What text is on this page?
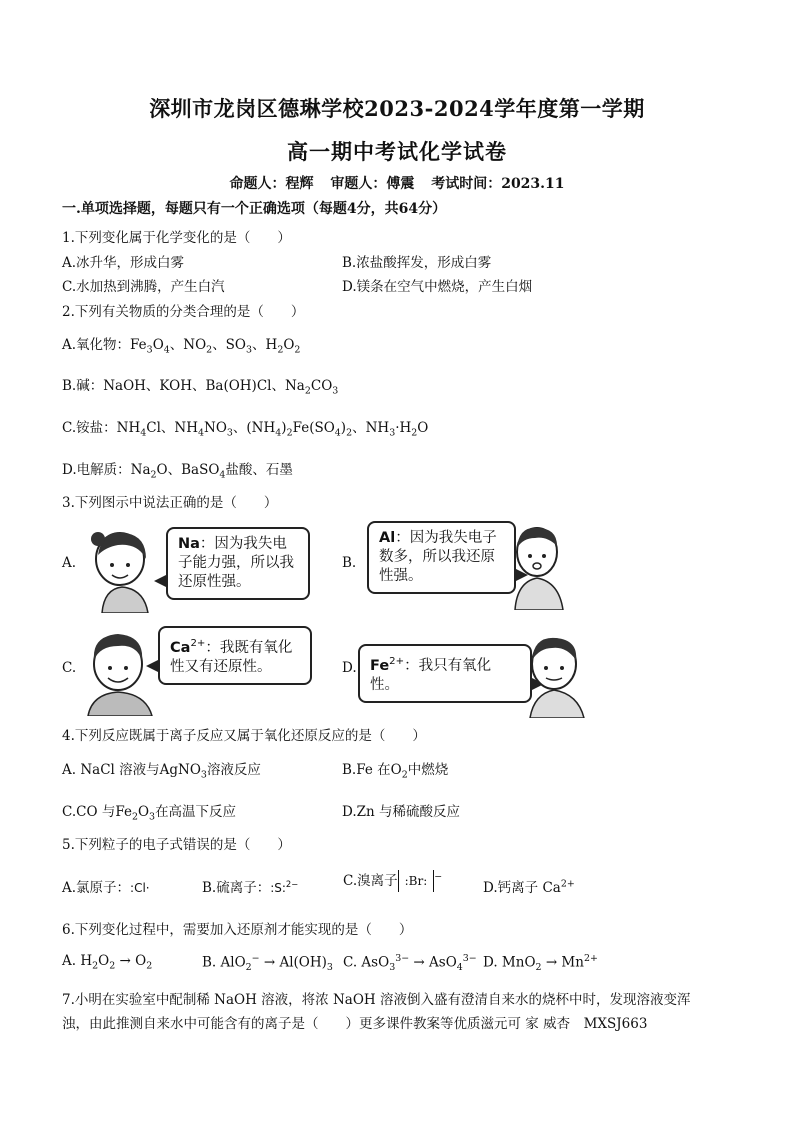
深圳市龙岗区德琳学校2023-2024学年度第一学期
高一期中考试化学试卷
命题人：程辉 审题人：傅震 考试时间：2023.11
一.单项选择题，每题只有一个正确选项（每题4分，共64分）
1.下列变化属于化学变化的是（　　）
A.冰升华，形成白雾	B.浓盐酸挥发，形成白雾
C.水加热到沸腾，产生白汽	D.镁条在空气中燃烧，产生白烟
2.下列有关物质的分类合理的是（　　）
A.氧化物：$Fe_3O_4$、$NO_2$、$SO_3$、$H_2O_2$
B.碱：NaOH、KOH、Ba(OH)Cl、$Na_2CO_3$
C.铵盐：$NH_4Cl$、$NH_4NO_3$、$(NH_4)_2Fe(SO_4)_2$、$NH_3\cdot H_2O$
D.电解质：$Na_2O$、BaSO$_4$盐酸、石墨
3.下列图示中说法正确的是（　　）
A.
Na：因为我失电子能力强，所以我还原性强。
B.
Al：因为我失电子数多，所以我还原性强。
C.
$Ca^{2+}$：我既有氧化性又有还原性。	D. $Fe^{2+}$：我只有氧化性。
4.下列反应既属于离子反应又属于氧化还原反应的是（　　）
A. NaCl 溶液与AgNO$_3$溶液反应	B.Fe 在$O_2$中燃烧
C.CO 与$Fe_2O_3$在高温下反应	D.Zn 与稀硫酸反应
5.下列粒子的电子式错误的是（　　）
A.氯原子：:Cl·	B.硫离子：:S:$^{2-}$	C.溴离子 :Br: −
D.钙离子 $Ca^{2+}$
6.下列变化过程中，需要加入还原剂才能实现的是（　　）
A. $H_2O_2 \to O_2$	B. $AlO_2^- \to Al(OH)_3$ C. AsO$_3^{3-}$ → AsO$_4^{3-}$ D. $MnO_2 \to Mn^{2+}$
7.小明在实验室中配制稀 NaOH 溶液，将浓 NaOH 溶液倒入盛有澄清自来水的烧杯中时，发现溶液变浑
浊，由此推测自来水中可能含有的离子是（　　）更多课件教案等优质滋元可 家 威杏　MXSJ663
